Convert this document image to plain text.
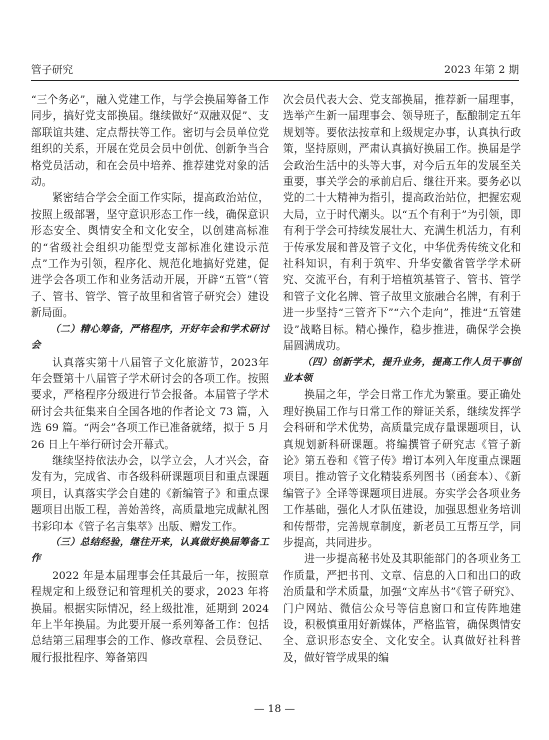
管子研究	2023 年第 2 期

“三个务必”，融入党建工作，与学会换届筹备工作同步，搞好党支部换届。继续做好“双融双促”、支部联谊共建、定点帮扶等工作。密切与会员单位党组织的关系，开展在党员会员中创优、创新争当合格党员活动，和在会员中培养、推荐建党对象的活动。

紧密结合学会全面工作实际，提高政治站位，按照上级部署，坚守意识形态工作一线，确保意识形态安全、舆情安全和文化安全，以创建高标准的“省级社会组织功能型党支部标准化建设示范点”工作为引领，程序化、规范化地搞好党建，促进学会各项工作和业务活动开展，开辟“五管”（管子、管书、管学、管子故里和省管子研究会）建设新局面。

（二）精心筹备，严格程序，开好年会和学术研讨会

认真落实第十八届管子文化旅游节，2023年年会暨第十八届管子学术研讨会的各项工作。按照要求，严格程序分级进行节会报备。本届管子学术研讨会共征集来自全国各地的作者论文 73 篇，入选 69 篇。“两会”各项工作已准备就绪，拟于 5 月 26 日上午举行研讨会开幕式。

继续坚持依法办会，以学立会，人才兴会，奋发有为，完成省、市各级科研课题项目和重点课题项目，认真落实学会自建的《新编管子》和重点课题项目出版工程，善始善终，高质量地完成献礼图书彩印本《管子名言集萃》出版、赠发工作。

（三）总结经验，继往开来，认真做好换届筹备工作

2022 年是本届理事会任其最后一年，按照章程规定和上级登记和管理机关的要求，2023 年将换届。根据实际情况，经上级批准，延期到 2024 年上半年换届。为此要开展一系列筹备工作：包括总结第三届理事会的工作、修改章程、会员登记、履行报批程序、筹备第四

次会员代表大会、党支部换届，推荐新一届理事，选举产生新一届理事会、领导班子，酝酿制定五年规划等。要依法按章和上级规定办事，认真执行政策，坚持原则，严肃认真搞好换届工作。换届是学会政治生活中的头等大事，对今后五年的发展至关重要，事关学会的承前启后、继往开来。要务必以党的二十大精神为指引，提高政治站位，把握宏观大局，立于时代潮头。以“五个有利于”为引领，即有利于学会可持续发展壮大、充满生机活力，有利于传承发展和普及管子文化，中华优秀传统文化和社科知识，有利于筑牢、升华安徽省管学学术研究、交流平台，有利于培植筑基管子、管书、管学和管子文化名牌、管子故里文旅融合名牌，有利于进一步坚持“三管齐下”“六个走向”，推进“五管建设”战略目标。精心操作，稳步推进，确保学会换届圆满成功。

（四）创新学术，提升业务，提高工作人员干事创业本领

换届之年，学会日常工作尤为繁重。要正确处理好换届工作与日常工作的辩证关系，继续发挥学会科研和学术优势，高质量完成存量课题项目，认真规划新科研课题。将编撰管子研究志《管子新论》第五卷和《管子传》增订本列入年度重点课题项目。推动管子文化精装系列图书（函套本）、《新编管子》全译等课题项目进展。夯实学会各项业务工作基础，强化人才队伍建设，加强思想业务培训和传帮带，完善规章制度，新老员工互帮互学，同步提高，共同进步。

进一步提高秘书处及其职能部门的各项业务工作质量，严把书刊、文章、信息的入口和出口的政治质量和学术质量，加强“文库丛书”《管子研究》、门户网站、微信公众号等信息窗口和宣传阵地建设，积极慎重用好新媒体，严格监管，确保舆情安全、意识形态安全、文化安全。认真做好社科普及，做好管学成果的编

— 18 —
